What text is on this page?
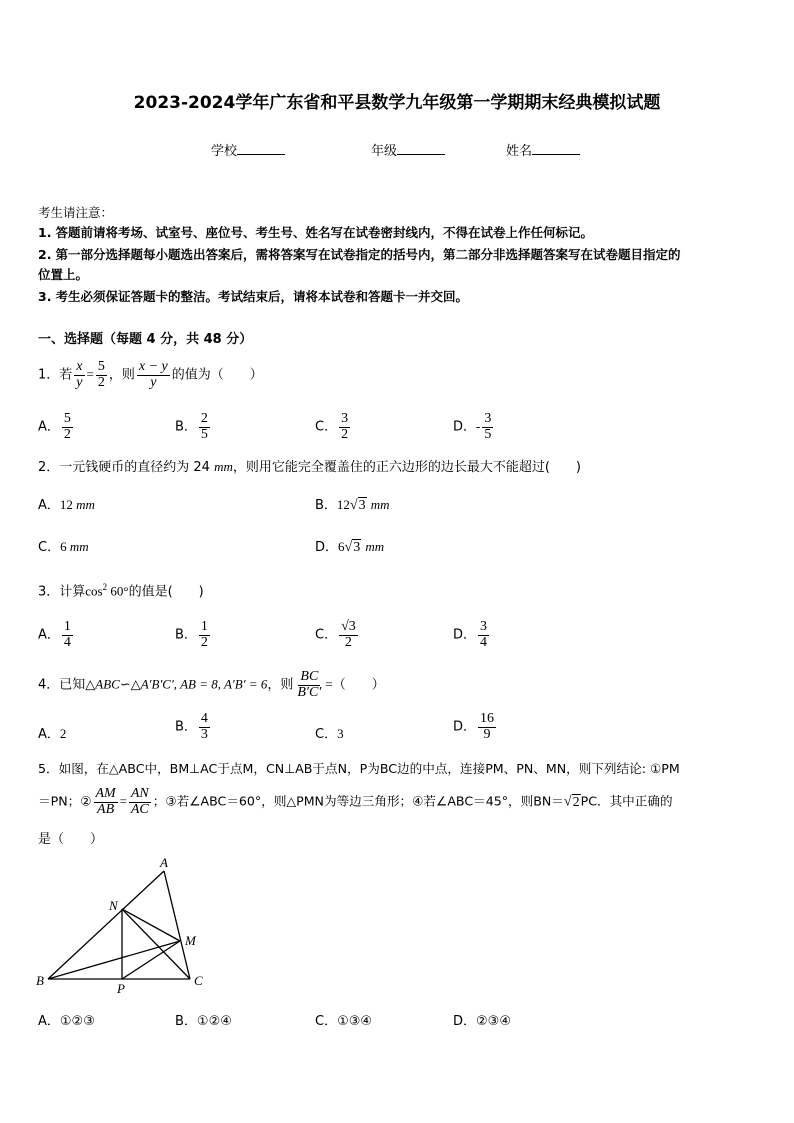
2023-2024学年广东省和平县数学九年级第一学期期末经典模拟试题
学校	年级	姓名
考生请注意：
1. 答题前请将考场、试室号、座位号、考生号、姓名写在试卷密封线内，不得在试卷上作任何标记。
2. 第一部分选择题每小题选出答案后，需将答案写在试卷指定的括号内，第二部分非选择题答案写在试卷题目指定的
位置上。
3. 考生必须保证答题卡的整洁。考试结束后，请将本试卷和答题卡一并交回。
一、选择题（每题 4 分，共 48 分）
1．若 $\frac{x}{y} = \frac{5}{2}$ ，则 $\frac{x - y}{y}$ 的值为（　　）
A． $\frac{5}{2}$	B． $\frac{2}{5}$	C． $\frac{3}{2}$	D．- $\frac{3}{5}$
2．一元钱硬币的直径约为 24 mm，则用它能完全覆盖住的正六边形的边长最大不能超过(　　)
A．12 mm	B．12√3 mm
C．6 mm	D．6√3 mm
3．计算$\cos^2 60^\circ$的值是(　　)
A． $\frac{1}{4}$	B． $\frac{1}{2}$	C． $\frac{√3}{2}$	D． $\frac{3}{4}$
4．已知△ABC∽△A′B′C′, AB = 8, A′B′ = 6，则 $\frac{BC}{B'C'}$ =（　　）
A．2	B． $\frac{4}{3}$	C．3	D． $\frac{16}{9}$
5．如图，在△ABC中，BM⊥AC于点M，CN⊥AB于点N，P为BC边的中点，连接PM、PN、MN，则下列结论: ①PM
＝PN；② $\frac{AM}{AB} = \frac{AN}{AC}$ ；③若∠ABC＝60°，则△PMN为等边三角形；④若∠ABC＝45°，则BN＝√2PC．其中正确的
是（　　）
A
N
M
B
P
C
A．①②③	B．①②④	C．①③④	D．②③④
